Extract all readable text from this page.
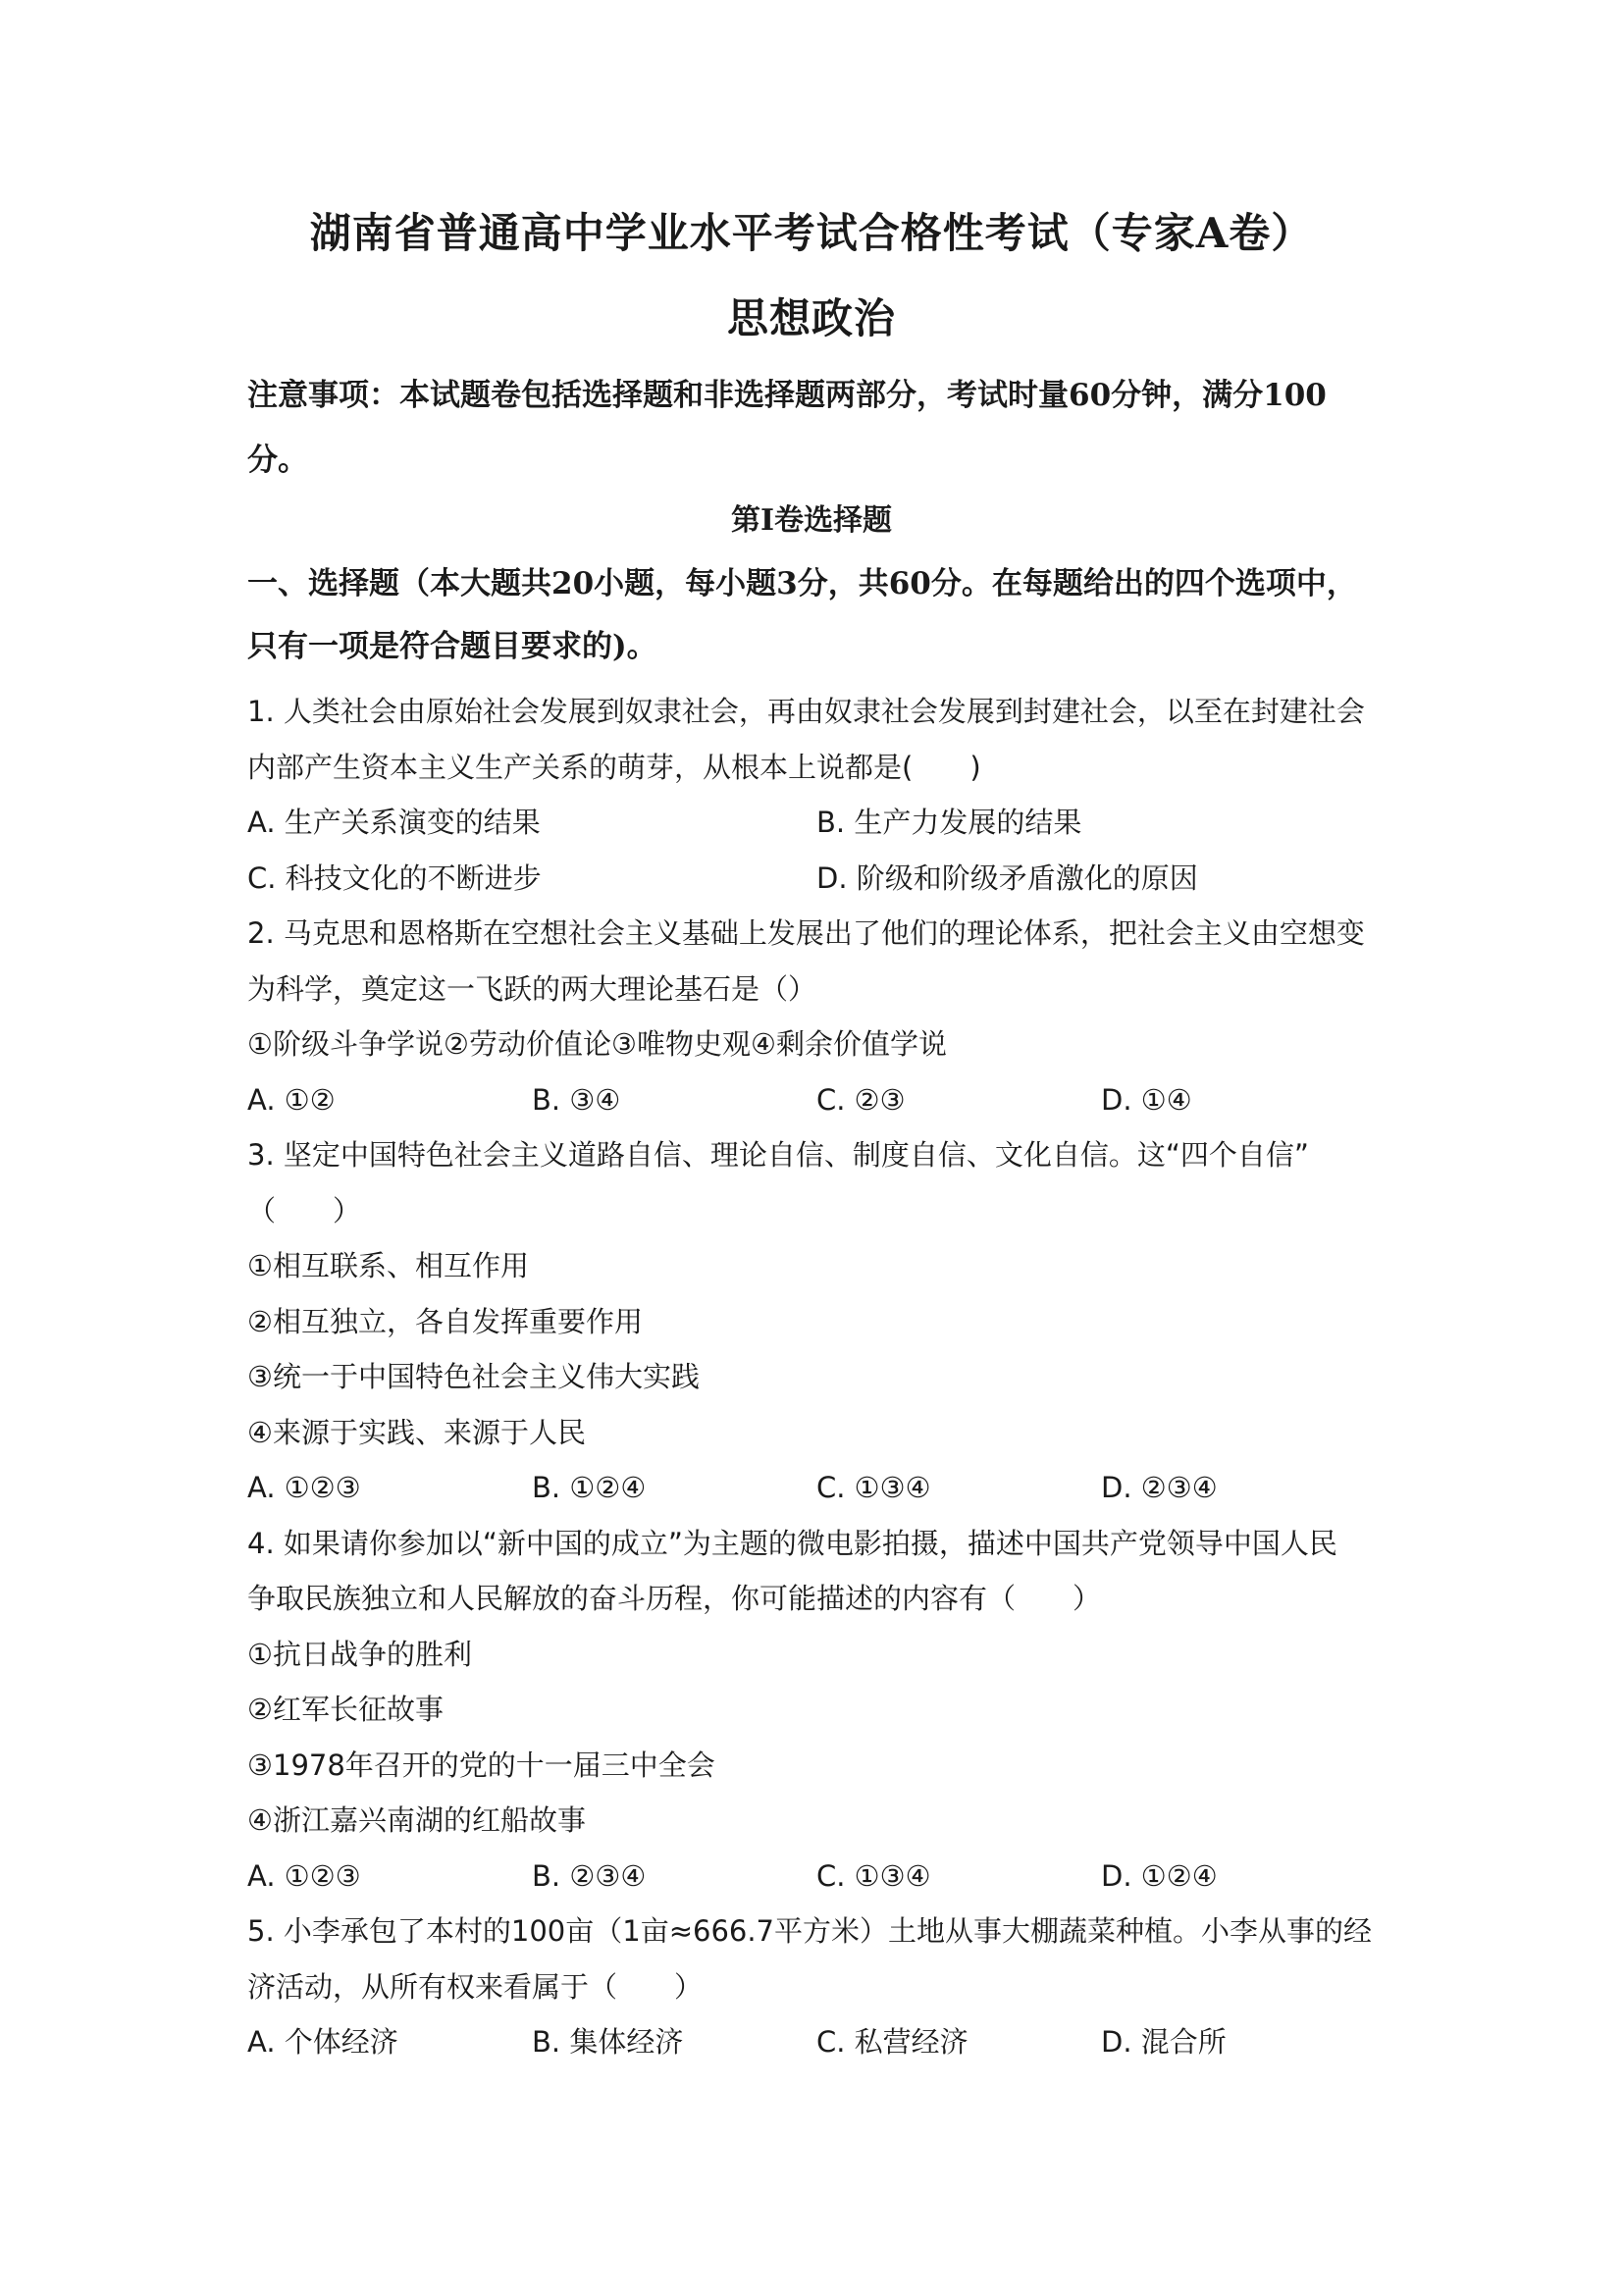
湖南省普通高中学业水平考试合格性考试（专家A卷）
思想政治
注意事项：本试题卷包括选择题和非选择题两部分，考试时量60分钟，满分100分。
第Ⅰ卷选择题
一、选择题（本大题共20小题，每小题3分，共60分。在每题给出的四个选项中，只有一项是符合题目要求的)。
1. 人类社会由原始社会发展到奴隶社会，再由奴隶社会发展到封建社会，以至在封建社会
内部产生资本主义生产关系的萌芽，从根本上说都是(　　)
A. 生产关系演变的结果	B. 生产力发展的结果
C. 科技文化的不断进步	D. 阶级和阶级矛盾激化的原因
2. 马克思和恩格斯在空想社会主义基础上发展出了他们的理论体系，把社会主义由空想变
为科学，奠定这一飞跃的两大理论基石是（）
①阶级斗争学说②劳动价值论③唯物史观④剩余价值学说
A. ①②	B. ③④	C. ②③	D. ①④
3. 坚定中国特色社会主义道路自信、理论自信、制度自信、文化自信。这“四个自信”
（　　）
①相互联系、相互作用
②相互独立，各自发挥重要作用
③统一于中国特色社会主义伟大实践
④来源于实践、来源于人民
A. ①②③	B. ①②④	C. ①③④	D. ②③④
4. 如果请你参加以“新中国的成立”为主题的微电影拍摄，描述中国共产党领导中国人民
争取民族独立和人民解放的奋斗历程，你可能描述的内容有（　　）
①抗日战争的胜利
②红军长征故事
③1978年召开的党的十一届三中全会
④浙江嘉兴南湖的红船故事
A. ①②③	B. ②③④	C. ①③④	D. ①②④
5. 小李承包了本村的100亩（1亩≈666.7平方米）土地从事大棚蔬菜种植。小李从事的经
济活动，从所有权来看属于（　　）
A. 个体经济	B. 集体经济	C. 私营经济	D. 混合所
